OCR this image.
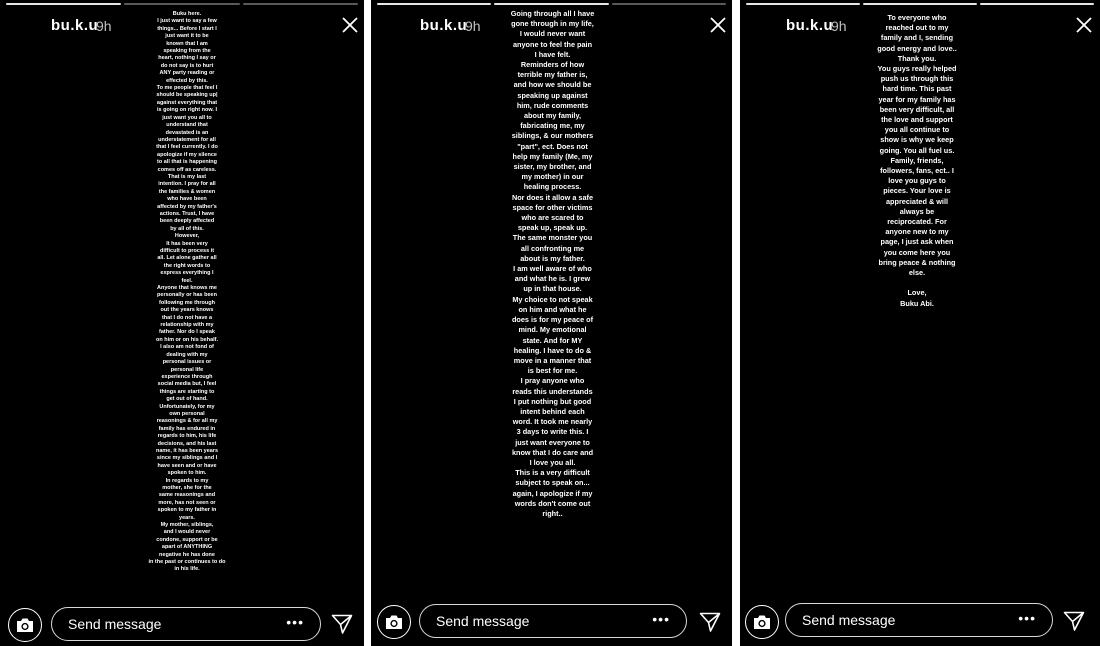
bu.k.u
9h
Buku here.
I just want to say a few
things... Before I start I
just want it to be
known that I am
speaking from the
heart, nothing I say or
do not say is to hurt
ANY party reading or
effected by this.
To me people that feel I
should be speaking up|
against everything that
is going on right now. I
just want you all to
understand that
devastated is an
understatement for all
that I feel currently. I do
apologize if my silence
to all that is happening
comes off as careless.
That is my last
intention. I pray for all
the families & women
who have been
affected by my father's
actions. Trust, I have
been deeply affected
by all of this.
However,
It has been very
difficult to process it
all. Let alone gather all
the right words to
express everything I
feel.
Anyone that knows me
personally or has been
following me through
out the years knows
that I do not have a
relationship with my
father. Nor do I speak
on him or on his behalf.
I also am not fond of
dealing with my
personal issues or
personal life
experience through
social media but, I feel
things are starting to
get out of hand.
Unfortunately, for my
own personal
reasonings & for all my
family has endured in
regards to him, his life
decisions, and his last
name, it has been years
since my siblings and I
have seen and or have
spoken to him.
In regards to my
mother, she for the
same reasonings and
more, has not seen or
spoken to my father in
years.
My mother, siblings,
and I would never
condone, support or be
apart of ANYTHING
negative he has done
in the past or continues to do
in his life.
Send message	•••
bu.k.u
9h
Going through all I have
gone through in my life,
I would never want
anyone to feel the pain
I have felt.
Reminders of how
terrible my father is,
and how we should be
speaking up against
him, rude comments
about my family,
fabricating me, my
siblings, & our mothers
"part", ect. Does not
help my family (Me, my
sister, my brother, and
my mother) in our
healing process.
Nor does it allow a safe
space for other victims
who are scared to
speak up, speak up.
The same monster you
all confronting me
about is my father.
I am well aware of who
and what he is. I grew
up in that house.
My choice to not speak
on him and what he
does is for my peace of
mind. My emotional
state. And for MY
healing. I have to do &
move in a manner that
is best for me.
I pray anyone who
reads this understands
I put nothing but good
intent behind each
word. It took me nearly
3 days to write this. I
just want everyone to
know that I do care and
I love you all.
This is a very difficult
subject to speak on...
again, I apologize if my
words don't come out
right..
Send message	•••
bu.k.u
9h
To everyone who
reached out to my
family and I, sending
good energy and love..
Thank you.
You guys really helped
push us through this
hard time. This past
year for my family has
been very difficult, all
the love and support
you all continue to
show is why we keep
going. You all fuel us.
Family, friends,
followers, fans, ect.. I
love you guys to
pieces. Your love is
appreciated & will
always be
reciprocated. For
anyone new to my
page, I just ask when
you come here you
bring peace & nothing
else.

Love,
Buku Abi.
Send message	•••
